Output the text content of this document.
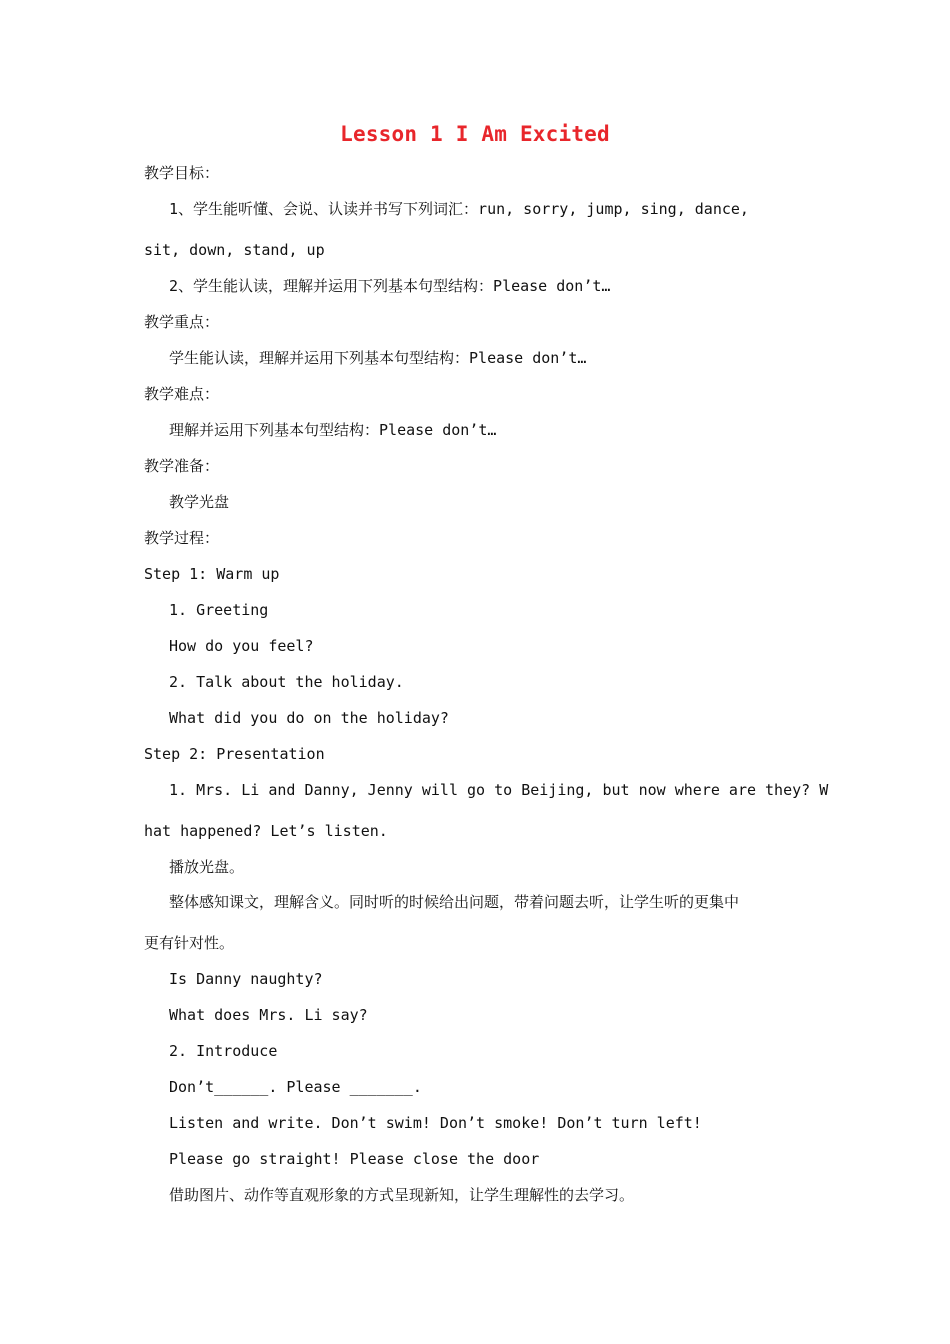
Lesson 1 I Am Excited
教学目标：
1、学生能听懂、会说、认读并书写下列词汇：run, sorry, jump, sing, dance,
sit, down, stand, up
2、学生能认读，理解并运用下列基本句型结构：Please don’t…
教学重点：
学生能认读，理解并运用下列基本句型结构：Please don’t…
教学难点：
理解并运用下列基本句型结构：Please don’t…
教学准备：
教学光盘
教学过程：
Step 1: Warm up
1. Greeting
How do you feel?
2. Talk about the holiday.
What did you do on the holiday?
Step 2: Presentation
1. Mrs. Li and Danny, Jenny will go to Beijing, but now where are they? W
hat happened? Let’s listen.
播放光盘。
整体感知课文，理解含义。同时听的时候给出问题，带着问题去听，让学生听的更集中
更有针对性。
Is Danny naughty?
What does Mrs. Li say?
2. Introduce
Don’t______. Please _______.
Listen and write. Don’t swim! Don’t smoke! Don’t turn left!
Please go straight! Please close the door
借助图片、动作等直观形象的方式呈现新知，让学生理解性的去学习。
